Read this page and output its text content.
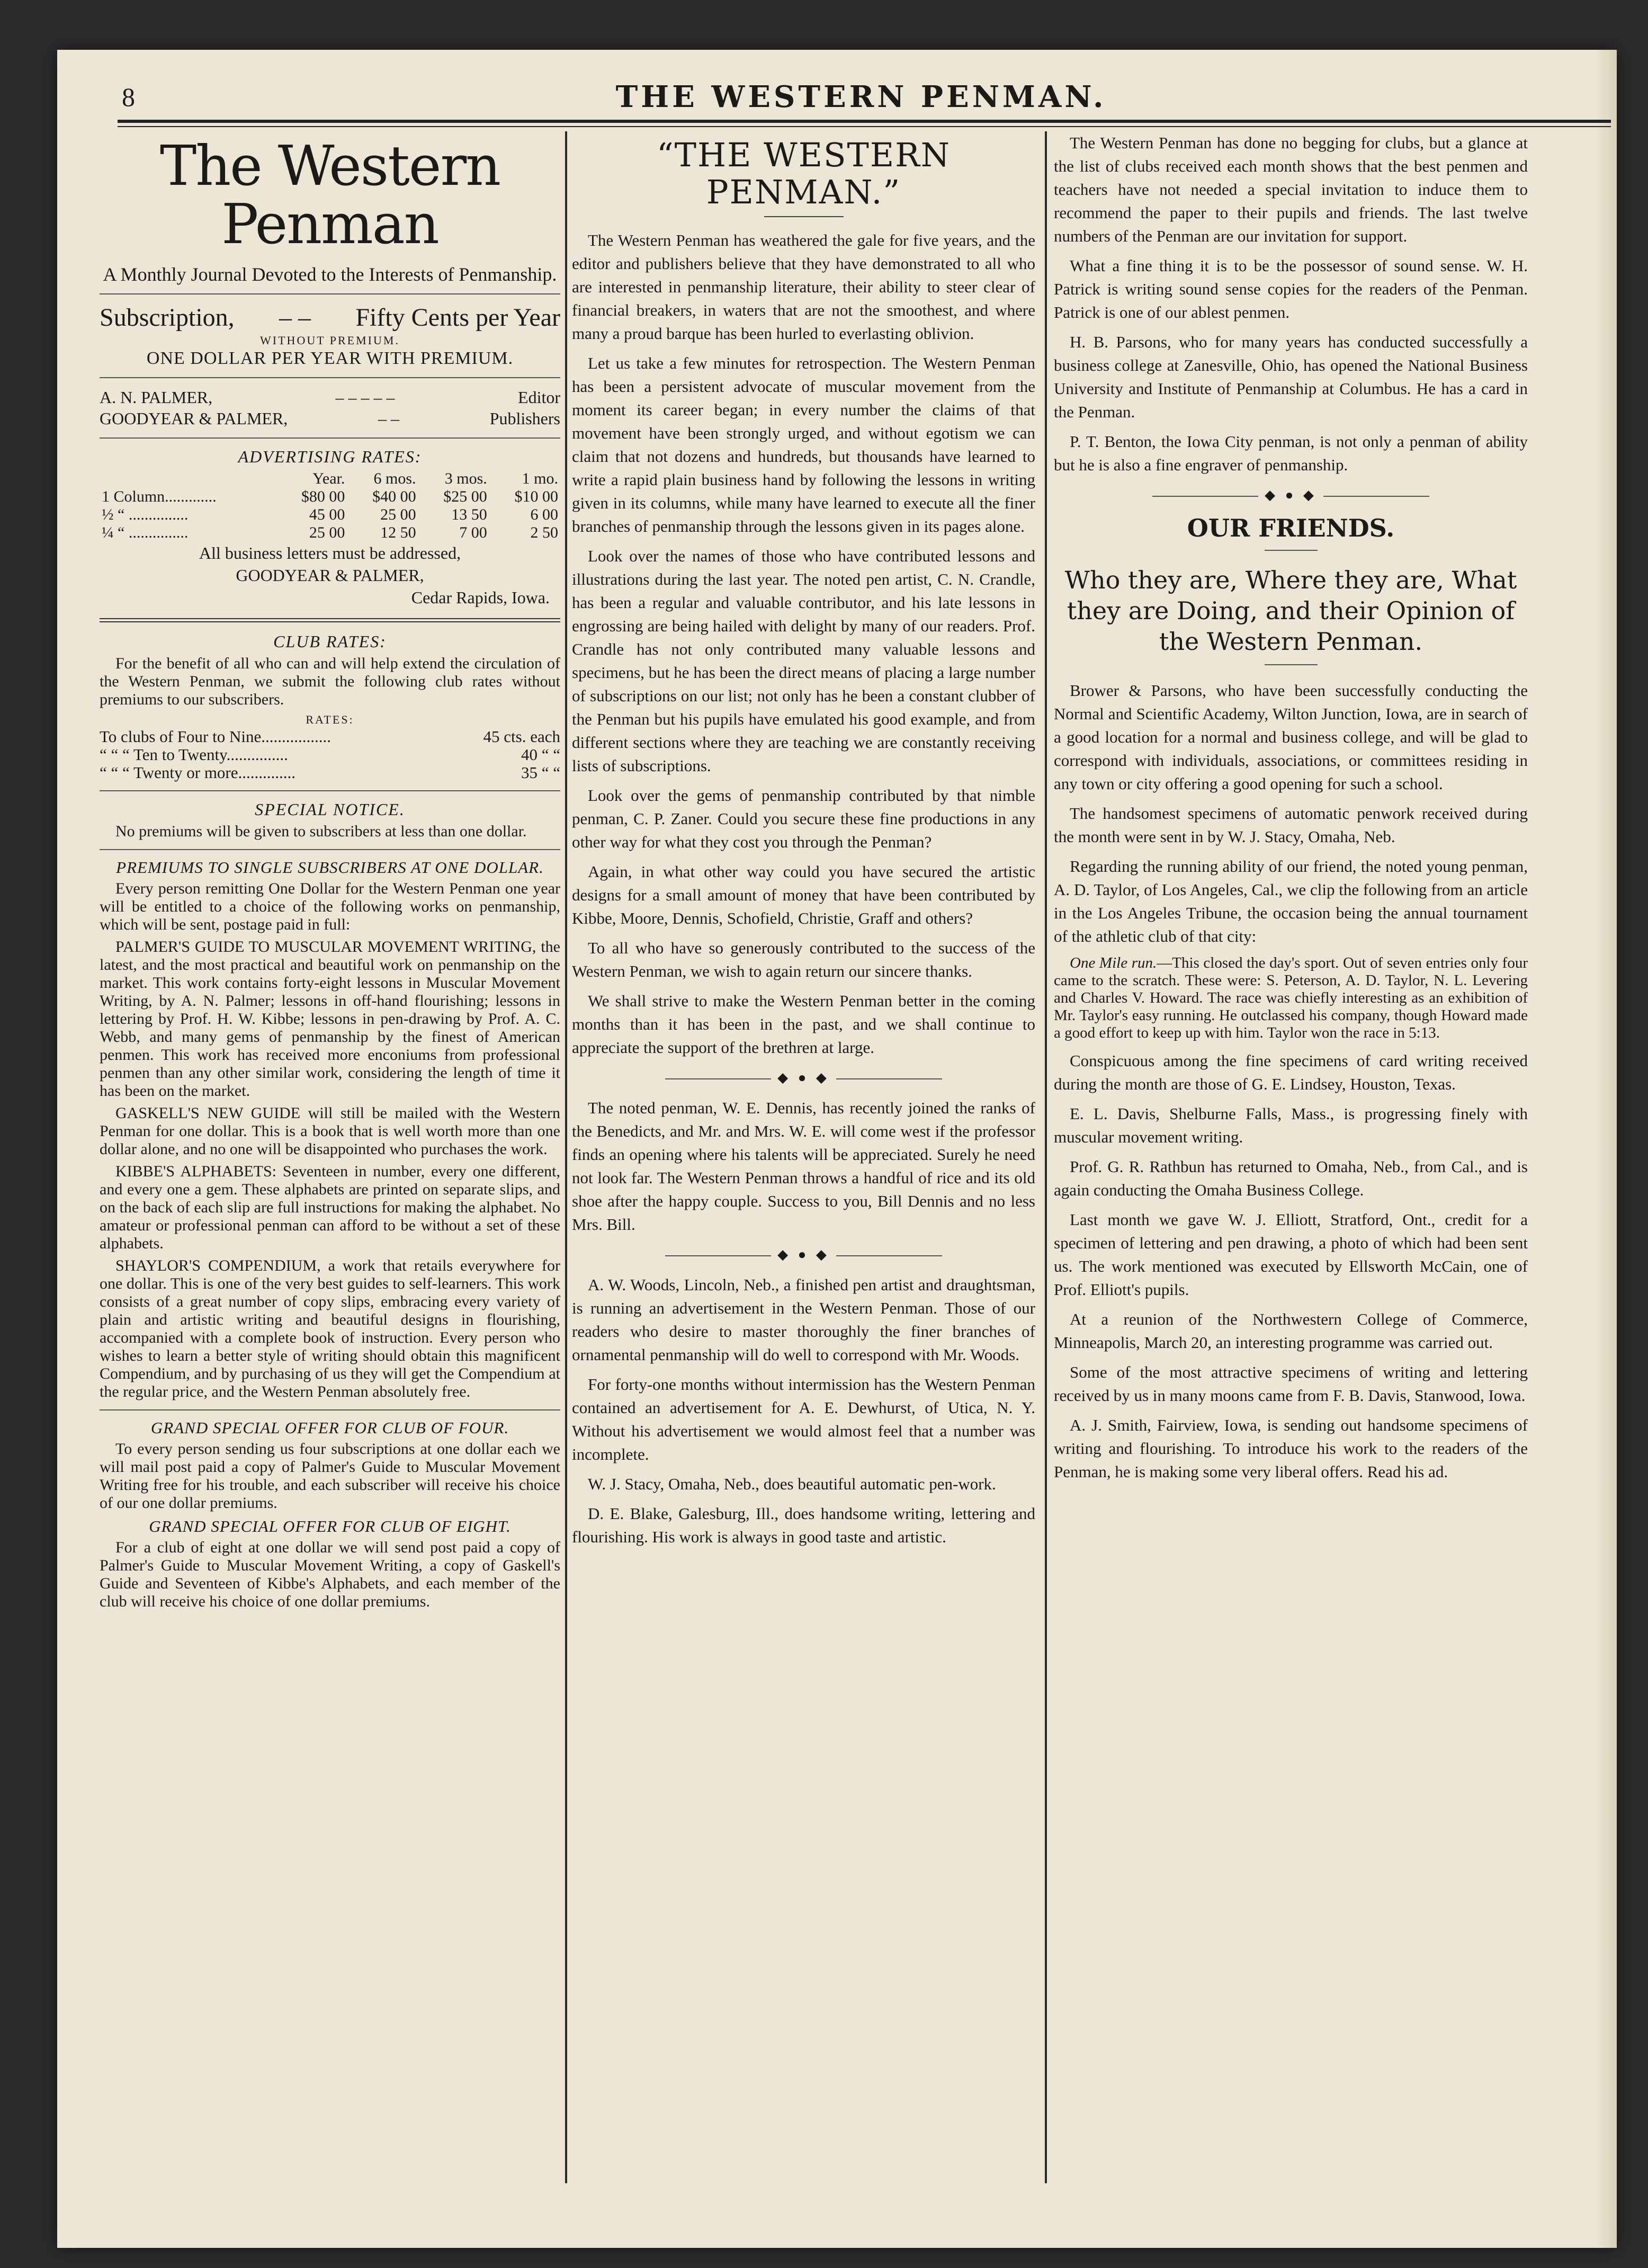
8	THE WESTERN PENMAN.
The Western Penman

A Monthly Journal Devoted to the Interests of Penmanship.

Subscription, – – Fifty Cents per Year

WITHOUT PREMIUM.

ONE DOLLAR PER YEAR WITH PREMIUM.

A. N. PALMER,	– – – – –	Editor
GOODYEAR & PALMER,	– –	Publishers

ADVERTISING RATES:

	Year.	6 mos.	3 mos.	1 mo.
1 Column.............	$80 00	$40 00	$25 00	$10 00
½ “ ...............	45 00	25 00	13 50	6 00
¼ “ ...............	25 00	12 50	7 00	2 50

All business letters must be addressed,

GOODYEAR & PALMER,

Cedar Rapids, Iowa.

CLUB RATES:

For the benefit of all who can and will help extend the circulation of the Western Penman, we submit the following club rates without premiums to our subscribers.

RATES:

To clubs of Four to Nine.................	45 cts. each
“ “ “ Ten to Twenty...............	40 “ “
“ “ “ Twenty or more..............	35 “ “

SPECIAL NOTICE.

No premiums will be given to subscribers at less than one dollar.

PREMIUMS TO SINGLE SUBSCRIBERS AT ONE DOLLAR.

Every person remitting One Dollar for the Western Penman one year will be entitled to a choice of the following works on penmanship, which will be sent, postage paid in full:

PALMER'S GUIDE TO MUSCULAR MOVEMENT WRITING, the latest, and the most practical and beautiful work on penmanship on the market. This work contains forty-eight lessons in Muscular Movement Writing, by A. N. Palmer; lessons in off-hand flourishing; lessons in lettering by Prof. H. W. Kibbe; lessons in pen-drawing by Prof. A. C. Webb, and many gems of penmanship by the finest of American penmen. This work has received more enconiums from professional penmen than any other similar work, considering the length of time it has been on the market.

GASKELL'S NEW GUIDE will still be mailed with the Western Penman for one dollar. This is a book that is well worth more than one dollar alone, and no one will be disappointed who purchases the work.

KIBBE'S ALPHABETS: Seventeen in number, every one different, and every one a gem. These alphabets are printed on separate slips, and on the back of each slip are full instructions for making the alphabet. No amateur or professional penman can afford to be without a set of these alphabets.

SHAYLOR'S COMPENDIUM, a work that retails everywhere for one dollar. This is one of the very best guides to self-learners. This work consists of a great number of copy slips, embracing every variety of plain and artistic writing and beautiful designs in flourishing, accompanied with a complete book of instruction. Every person who wishes to learn a better style of writing should obtain this magnificent Compendium, and by purchasing of us they will get the Compendium at the regular price, and the Western Penman absolutely free.

GRAND SPECIAL OFFER FOR CLUB OF FOUR.

To every person sending us four subscriptions at one dollar each we will mail post paid a copy of Palmer's Guide to Muscular Movement Writing free for his trouble, and each subscriber will receive his choice of our one dollar premiums.

GRAND SPECIAL OFFER FOR CLUB OF EIGHT.

For a club of eight at one dollar we will send post paid a copy of Palmer's Guide to Muscular Movement Writing, a copy of Gaskell's Guide and Seventeen of Kibbe's Alphabets, and each member of the club will receive his choice of one dollar premiums.

“THE WESTERN PENMAN.”

The Western Penman has weathered the gale for five years, and the editor and publishers believe that they have demonstrated to all who are interested in penmanship literature, their ability to steer clear of financial breakers, in waters that are not the smoothest, and where many a proud barque has been hurled to everlasting oblivion.

Let us take a few minutes for retrospection. The Western Penman has been a persistent advocate of muscular movement from the moment its career began; in every number the claims of that movement have been strongly urged, and without egotism we can claim that not dozens and hundreds, but thousands have learned to write a rapid plain business hand by following the lessons in writing given in its columns, while many have learned to execute all the finer branches of penmanship through the lessons given in its pages alone.

Look over the names of those who have contributed lessons and illustrations during the last year. The noted pen artist, C. N. Crandle, has been a regular and valuable contributor, and his late lessons in engrossing are being hailed with delight by many of our readers. Prof. Crandle has not only contributed many valuable lessons and specimens, but he has been the direct means of placing a large number of subscriptions on our list; not only has he been a constant clubber of the Penman but his pupils have emulated his good example, and from different sections where they are teaching we are constantly receiving lists of subscriptions.

Look over the gems of penmanship contributed by that nimble penman, C. P. Zaner. Could you secure these fine productions in any other way for what they cost you through the Penman?

Again, in what other way could you have secured the artistic designs for a small amount of money that have been contributed by Kibbe, Moore, Dennis, Schofield, Christie, Graff and others?

To all who have so generously contributed to the success of the Western Penman, we wish to again return our sincere thanks.

We shall strive to make the Western Penman better in the coming months than it has been in the past, and we shall continue to appreciate the support of the brethren at large.

◆ ● ◆

The noted penman, W. E. Dennis, has recently joined the ranks of the Benedicts, and Mr. and Mrs. W. E. will come west if the professor finds an opening where his talents will be appreciated. Surely he need not look far. The Western Penman throws a handful of rice and its old shoe after the happy couple. Success to you, Bill Dennis and no less Mrs. Bill.

◆ ● ◆

A. W. Woods, Lincoln, Neb., a finished pen artist and draughtsman, is running an advertisement in the Western Penman. Those of our readers who desire to master thoroughly the finer branches of ornamental penmanship will do well to correspond with Mr. Woods.

For forty-one months without intermission has the Western Penman contained an advertisement for A. E. Dewhurst, of Utica, N. Y. Without his advertisement we would almost feel that a number was incomplete.

W. J. Stacy, Omaha, Neb., does beautiful automatic pen-work.

D. E. Blake, Galesburg, Ill., does handsome writing, lettering and flourishing. His work is always in good taste and artistic.

The Western Penman has done no begging for clubs, but a glance at the list of clubs received each month shows that the best penmen and teachers have not needed a special invitation to induce them to recommend the paper to their pupils and friends. The last twelve numbers of the Penman are our invitation for support.

What a fine thing it is to be the possessor of sound sense. W. H. Patrick is writing sound sense copies for the readers of the Penman. Patrick is one of our ablest penmen.

H. B. Parsons, who for many years has conducted successfully a business college at Zanesville, Ohio, has opened the National Business University and Institute of Penmanship at Columbus. He has a card in the Penman.

P. T. Benton, the Iowa City penman, is not only a penman of ability but he is also a fine engraver of penmanship.

◆ ● ◆
OUR FRIENDS.
Who they are, Where they are, What they are Doing, and their Opinion of the Western Penman.

Brower & Parsons, who have been successfully conducting the Normal and Scientific Academy, Wilton Junction, Iowa, are in search of a good location for a normal and business college, and will be glad to correspond with individuals, associations, or committees residing in any town or city offering a good opening for such a school.

The handsomest specimens of automatic penwork received during the month were sent in by W. J. Stacy, Omaha, Neb.

Regarding the running ability of our friend, the noted young penman, A. D. Taylor, of Los Angeles, Cal., we clip the following from an article in the Los Angeles Tribune, the occasion being the annual tournament of the athletic club of that city:

One Mile run.—This closed the day's sport. Out of seven entries only four came to the scratch. These were: S. Peterson, A. D. Taylor, N. L. Levering and Charles V. Howard. The race was chiefly interesting as an exhibition of Mr. Taylor's easy running. He outclassed his company, though Howard made a good effort to keep up with him. Taylor won the race in 5:13.

Conspicuous among the fine specimens of card writing received during the month are those of G. E. Lindsey, Houston, Texas.

E. L. Davis, Shelburne Falls, Mass., is progressing finely with muscular movement writing.

Prof. G. R. Rathbun has returned to Omaha, Neb., from Cal., and is again conducting the Omaha Business College.

Last month we gave W. J. Elliott, Stratford, Ont., credit for a specimen of lettering and pen drawing, a photo of which had been sent us. The work mentioned was executed by Ellsworth McCain, one of Prof. Elliott's pupils.

At a reunion of the Northwestern College of Commerce, Minneapolis, March 20, an interesting programme was carried out.

Some of the most attractive specimens of writing and lettering received by us in many moons came from F. B. Davis, Stanwood, Iowa.

A. J. Smith, Fairview, Iowa, is sending out handsome specimens of writing and flourishing. To introduce his work to the readers of the Penman, he is making some very liberal offers. Read his ad.
